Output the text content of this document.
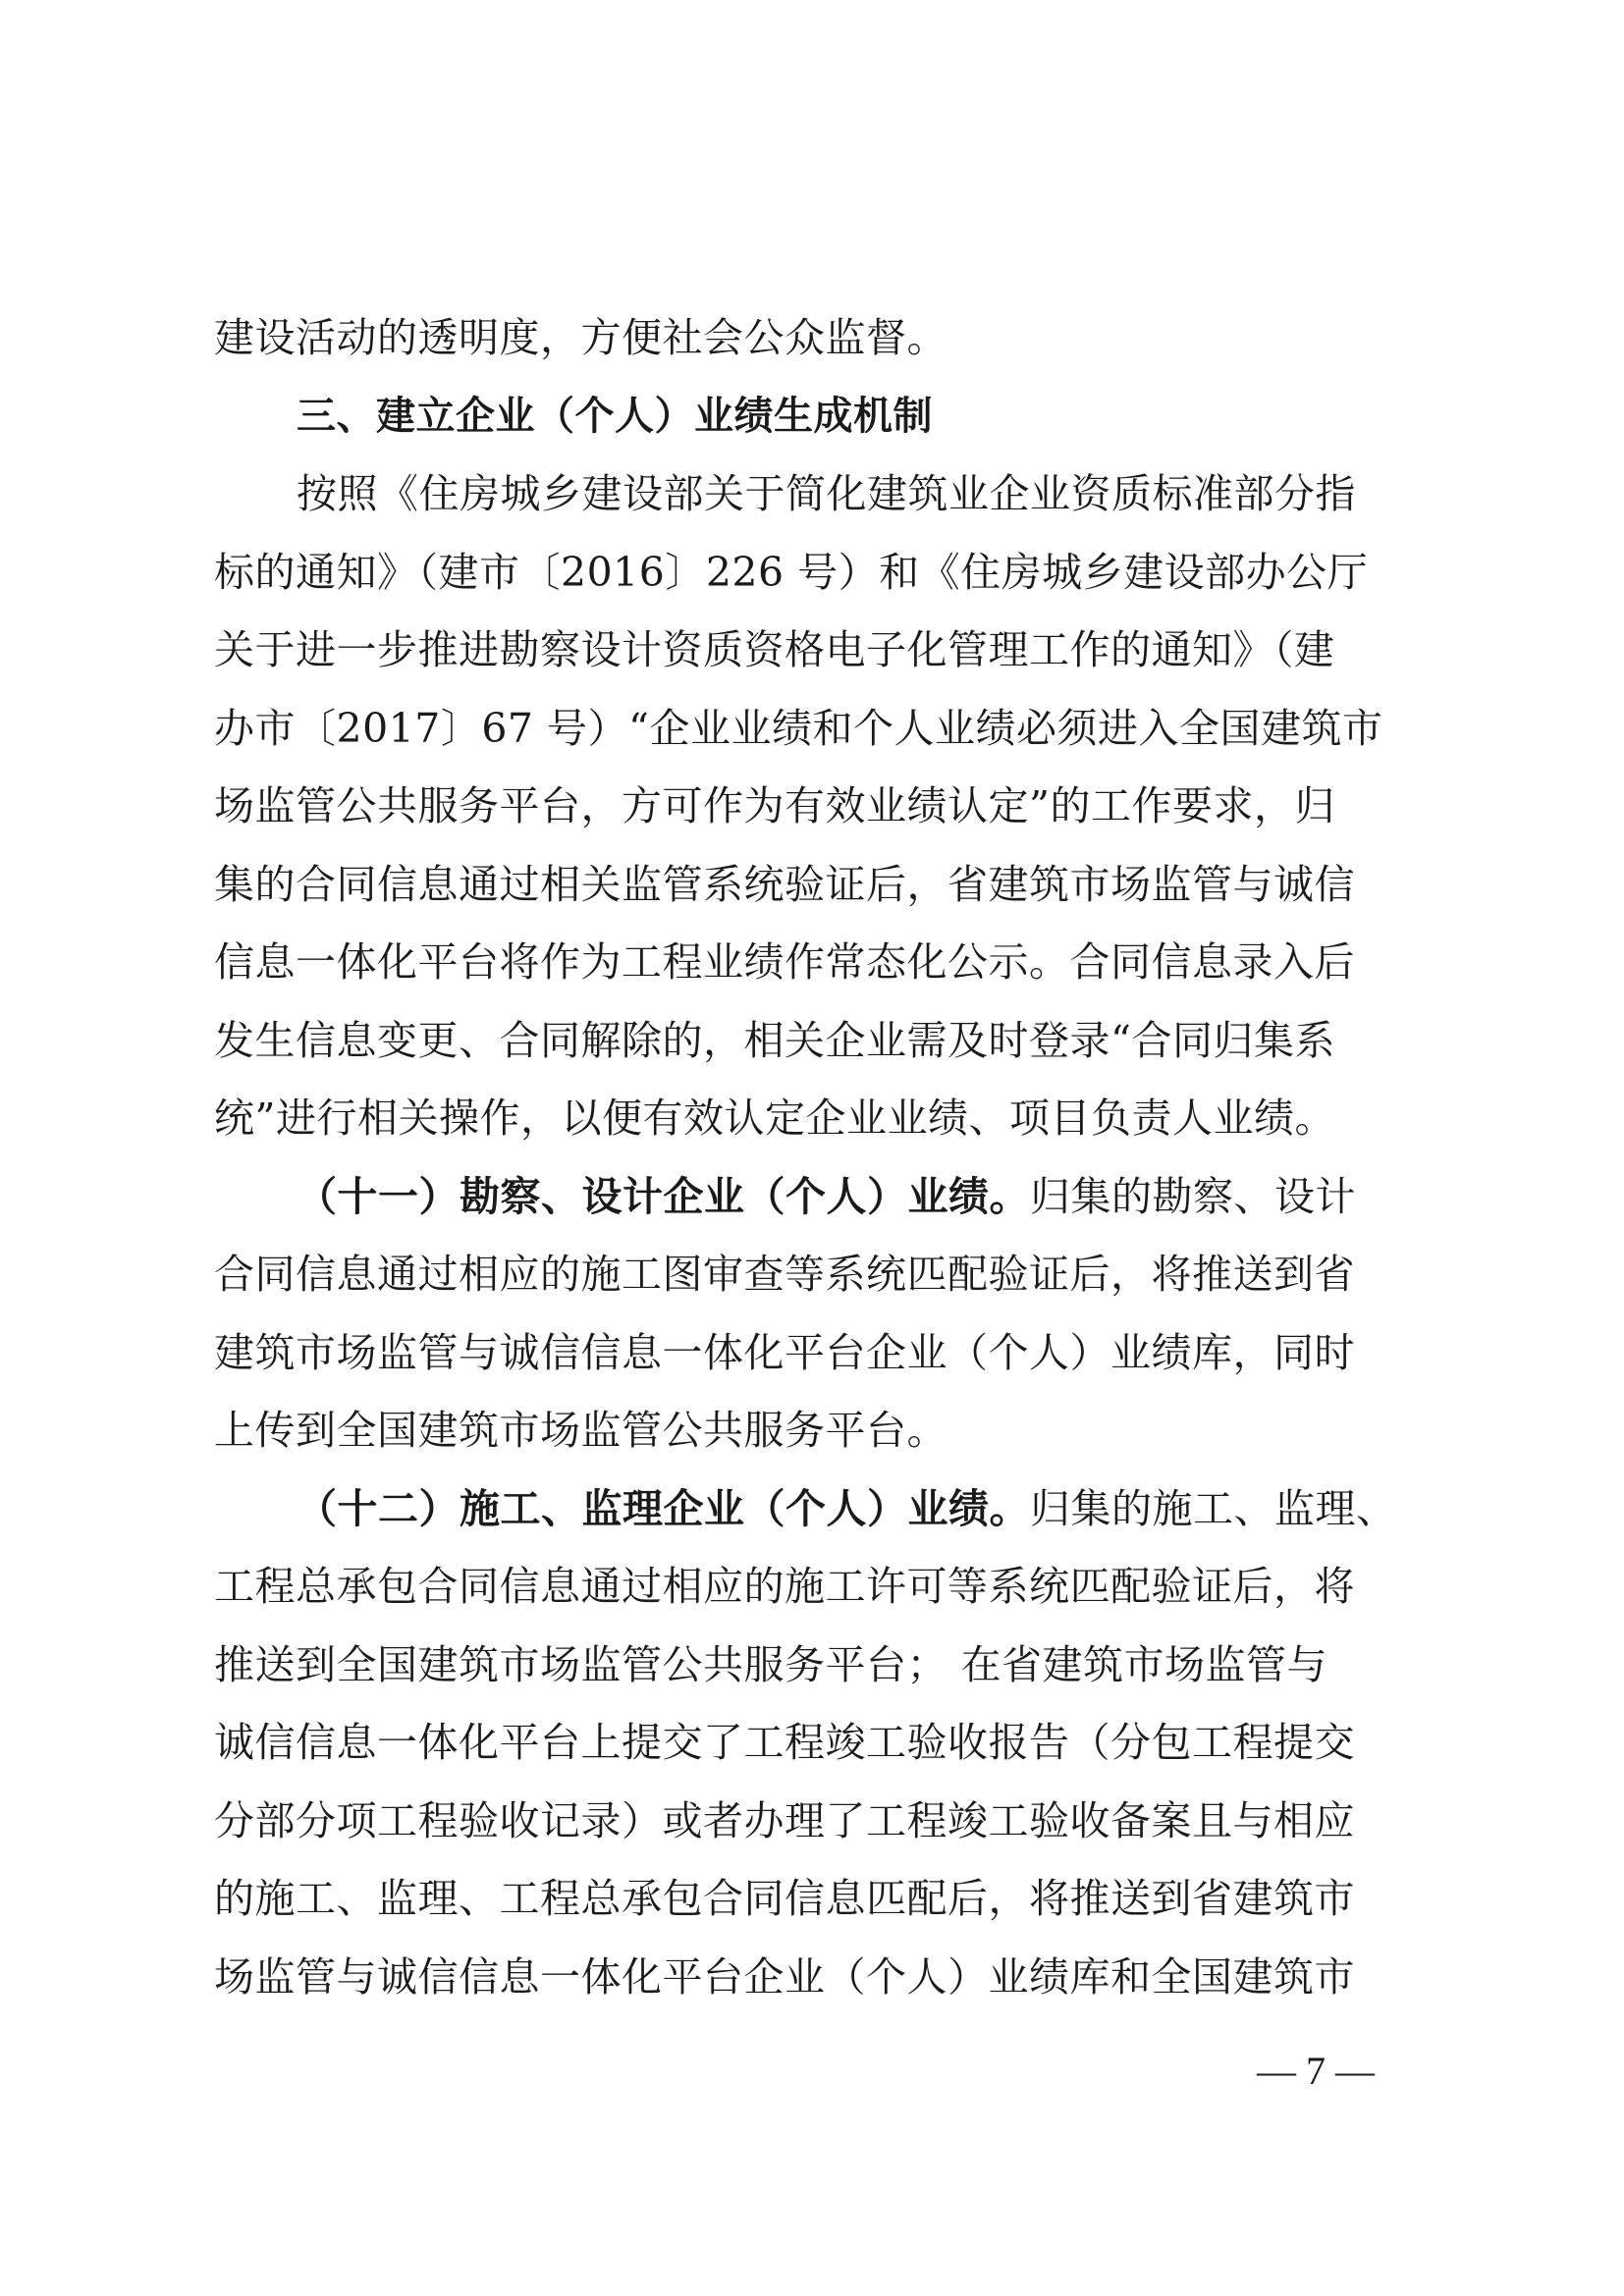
建设活动的透明度，方便社会公众监督。
三、建立企业（个人）业绩生成机制
按照《住房城乡建设部关于简化建筑业企业资质标准部分指
标的通知》（建市〔2016〕226 号）和《住房城乡建设部办公厅
关于进一步推进勘察设计资质资格电子化管理工作的通知》（建
办市〔2017〕67 号）“企业业绩和个人业绩必须进入全国建筑市
场监管公共服务平台，方可作为有效业绩认定”的工作要求，归
集的合同信息通过相关监管系统验证后，省建筑市场监管与诚信
信息一体化平台将作为工程业绩作常态化公示。合同信息录入后
发生信息变更、合同解除的，相关企业需及时登录“合同归集系
统”进行相关操作，以便有效认定企业业绩、项目负责人业绩。
（十一）勘察、设计企业（个人）业绩。归集的勘察、设计
合同信息通过相应的施工图审查等系统匹配验证后，将推送到省
建筑市场监管与诚信信息一体化平台企业（个人）业绩库，同时
上传到全国建筑市场监管公共服务平台。
（十二）施工、监理企业（个人）业绩。归集的施工、监理、
工程总承包合同信息通过相应的施工许可等系统匹配验证后，将
推送到全国建筑市场监管公共服务平台； 在省建筑市场监管与
诚信信息一体化平台上提交了工程竣工验收报告（分包工程提交
分部分项工程验收记录）或者办理了工程竣工验收备案且与相应
的施工、监理、工程总承包合同信息匹配后，将推送到省建筑市
场监管与诚信信息一体化平台企业（个人）业绩库和全国建筑市
— 7 —
